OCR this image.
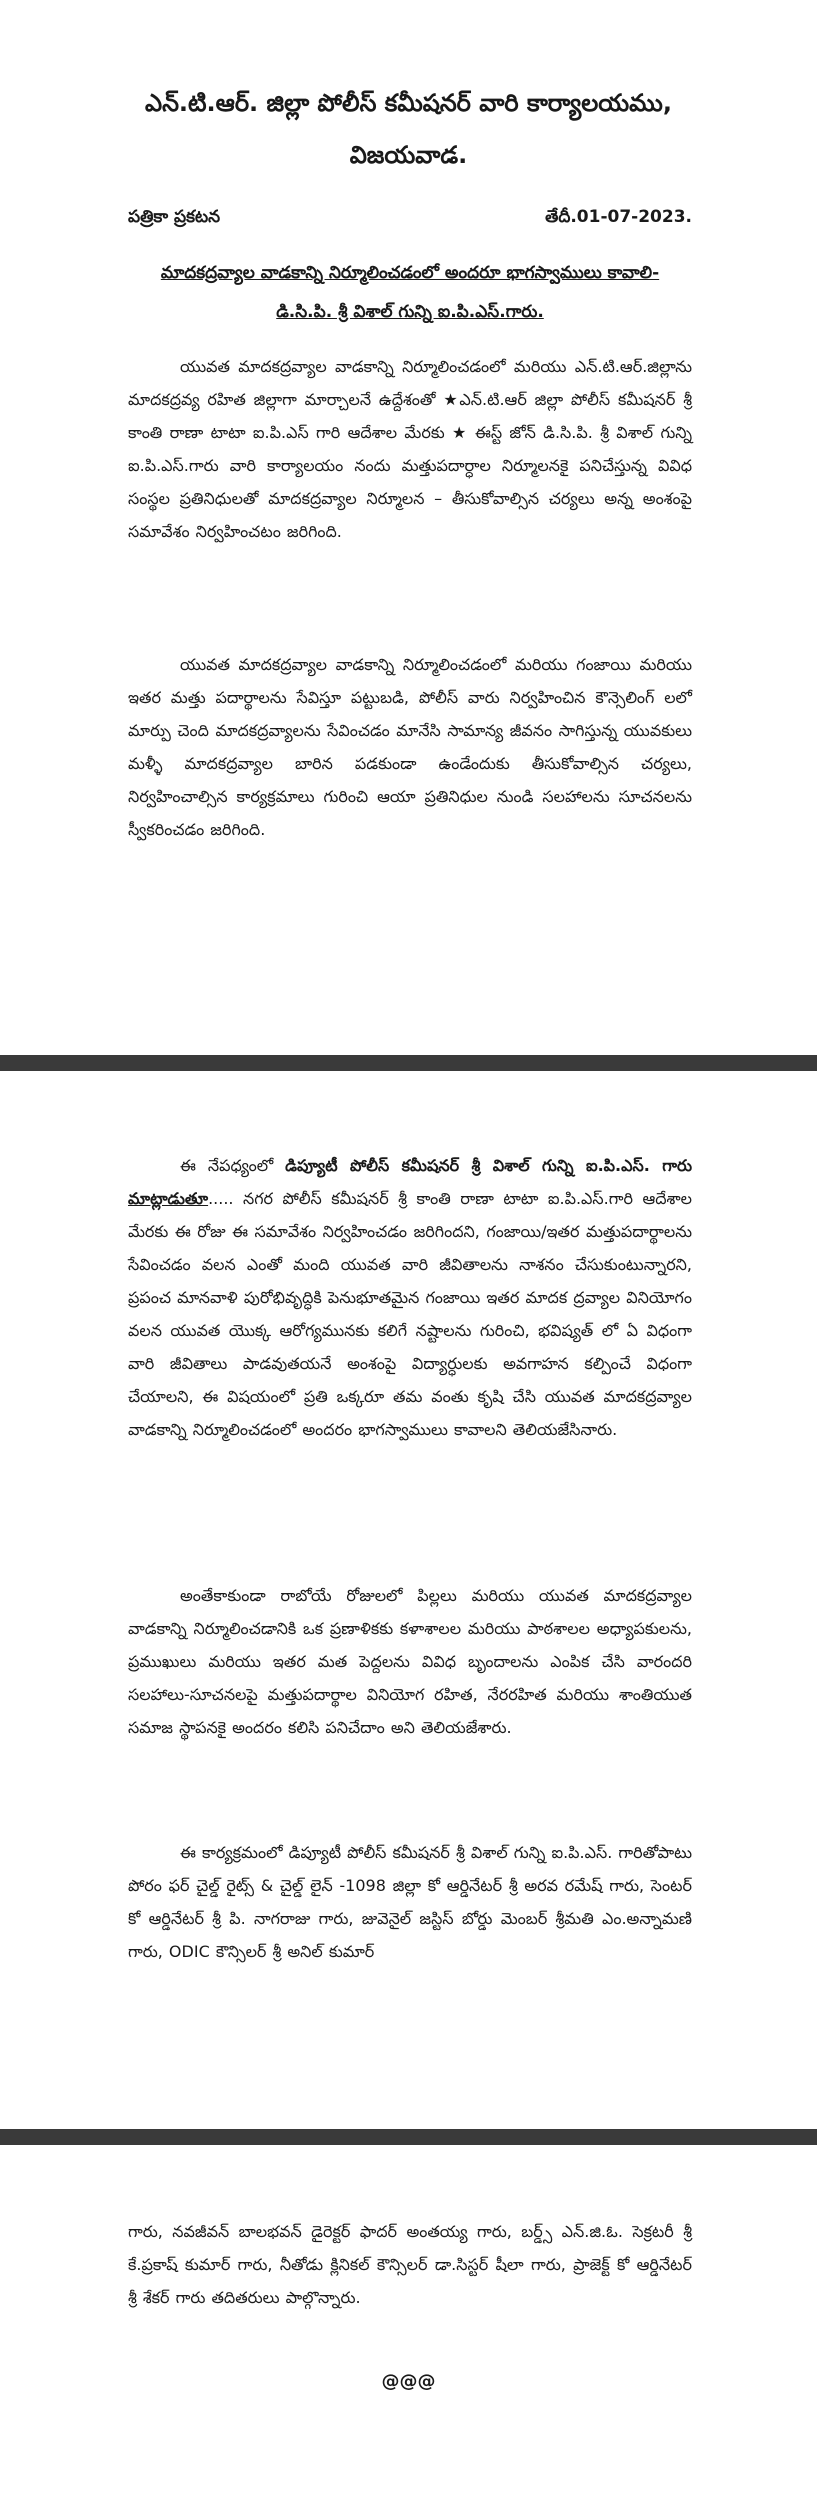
ఎన్.టి.ఆర్. జిల్లా పోలీస్ కమీషనర్ వారి కార్యాలయము,
విజయవాడ.
పత్రికా ప్రకటన	తేదీ.01-07-2023.
మాదకద్రవ్యాల వాడకాన్ని నిర్మూలించడంలో అందరూ భాగస్వాములు కావాలి-
డి.సి.పి. శ్రీ విశాల్ గున్ని ఐ.పి.ఎస్.గారు.

యువత మాదకద్రవ్యాల వాడకాన్ని నిర్మూలించడంలో మరియు ఎన్.టి.ఆర్.జిల్లాను మాదకద్రవ్య రహిత జిల్లాగా మార్చాలనే ఉద్దేశంతో ★ఎన్.టి.ఆర్ జిల్లా పోలీస్ కమీషనర్ శ్రీ కాంతి రాణా టాటా ఐ.పి.ఎస్ గారి ఆదేశాల మేరకు ★ ఈస్ట్ జోన్ డి.సి.పి. శ్రీ విశాల్ గున్ని ఐ.పి.ఎస్.గారు వారి కార్యాలయం నందు మత్తుపదార్ధాల నిర్మూలనకై పనిచేస్తున్న వివిధ సంస్థల ప్రతినిధులతో మాదకద్రవ్యాల నిర్మూలన – తీసుకోవాల్సిన చర్యలు అన్న అంశంపై సమావేశం నిర్వహించటం జరిగింది.

యువత మాదకద్రవ్యాల వాడకాన్ని నిర్మూలించడంలో మరియు గంజాయి మరియు ఇతర మత్తు పదార్థాలను సేవిస్తూ పట్టుబడి, పోలీస్ వారు నిర్వహించిన కౌన్సెలింగ్ లలో మార్పు చెంది మాదకద్రవ్యాలను సేవించడం మానేసి సామాన్య జీవనం సాగిస్తున్న యువకులు మళ్ళీ మాదకద్రవ్యాల బారిన పడకుండా ఉండేందుకు తీసుకోవాల్సిన చర్యలు, నిర్వహించాల్సిన కార్యక్రమాలు గురించి ఆయా ప్రతినిధుల నుండి సలహాలను సూచనలను స్వీకరించడం జరిగింది.

ఈ నేపధ్యంలో డిప్యూటీ పోలీస్ కమీషనర్ శ్రీ విశాల్ గున్ని ఐ.పి.ఎస్. గారు మాట్లాడుతూ..... నగర పోలీస్ కమీషనర్ శ్రీ కాంతి రాణా టాటా ఐ.పి.ఎస్.గారి ఆదేశాల మేరకు ఈ రోజు ఈ సమావేశం నిర్వహించడం జరిగిందని, గంజాయి/ఇతర మత్తుపదార్థాలను సేవించడం వలన ఎంతో మంది యువత వారి జీవితాలను నాశనం చేసుకుంటున్నారని, ప్రపంచ మానవాళి పురోభివృద్ధికి పెనుభూతమైన గంజాయి ఇతర మాదక ద్రవ్యాల వినియోగం వలన యువత యొక్క ఆరోగ్యమునకు కలిగే నష్టాలను గురించి, భవిష్యత్ లో ఏ విధంగా వారి జీవితాలు పాడవుతయనే అంశంపై విద్యార్ధులకు అవగాహన కల్పించే విధంగా చేయాలని, ఈ విషయంలో ప్రతి ఒక్కరూ తమ వంతు కృషి చేసి యువత మాదకద్రవ్యాల వాడకాన్ని నిర్మూలించడంలో అందరం భాగస్వాములు కావాలని తెలియజేసినారు.

అంతేకాకుండా రాబోయే రోజులలో పిల్లలు మరియు యువత మాదకద్రవ్యాల వాడకాన్ని నిర్మూలించడానికి ఒక ప్రణాళికకు కళాశాలల మరియు పాఠశాలల అధ్యాపకులను, ప్రముఖులు మరియు ఇతర మత పెద్దలను వివిధ బృందాలను ఎంపిక చేసి వారందరి సలహాలు-సూచనలపై మత్తుపదార్థాల వినియోగ రహిత, నేరరహిత మరియు శాంతియుత సమాజ స్థాపనకై అందరం కలిసి పనిచేదాం అని తెలియజేశారు.

ఈ కార్యక్రమంలో డిప్యూటీ పోలీస్ కమీషనర్ శ్రీ విశాల్ గున్ని ఐ.పి.ఎస్. గారితోపాటు పోరం ఫర్ చైల్డ్ రైట్స్ & చైల్డ్ లైన్ -1098 జిల్లా కో ఆర్డినేటర్ శ్రీ అరవ రమేష్ గారు, సెంటర్ కో ఆర్డినేటర్ శ్రీ పి. నాగరాజు గారు, జువెనైల్ జస్టిస్ బోర్డు మెంబర్ శ్రీమతి ఎం.అన్నామణి గారు, ODIC కౌన్సిలర్ శ్రీ అనిల్ కుమార్

గారు, నవజీవన్ బాలభవన్ డైరెక్టర్ ఫాదర్ అంతయ్య గారు, బర్డ్స్ ఎన్.జి.ఓ. సెక్రటరీ శ్రీ కే.ప్రకాష్ కుమార్ గారు, నీతోడు క్లినికల్ కౌన్సిలర్ డా.సిస్టర్ షీలా గారు, ప్రాజెక్ట్ కో ఆర్డినేటర్ శ్రీ శేకర్ గారు తదితరులు పాల్గొన్నారు.

@@@
